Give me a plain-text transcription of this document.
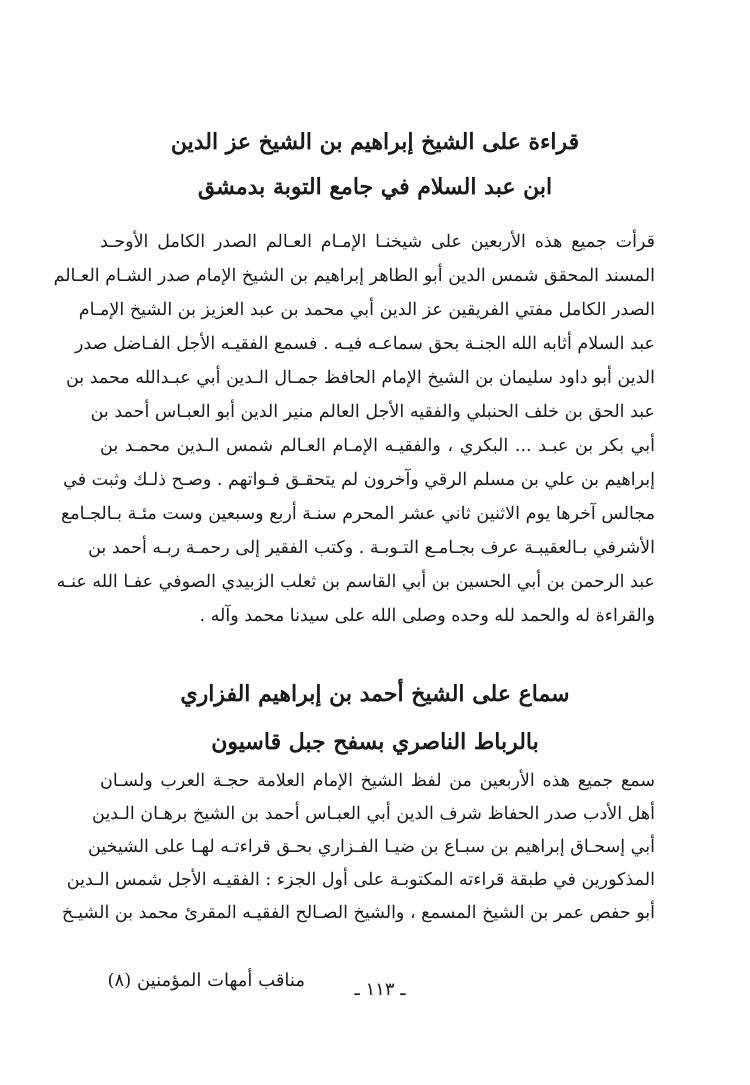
قراءة على الشيخ إبراهيم بن الشيخ عز الدين
ابن عبد السلام في جامع التوبة بدمشق
قرأت جميع هذه الأربعين على شيخنـا الإمـام العـالم الصدر الكامل الأوحـد
المسند المحقق شمس الدين أبو الطاهر إبراهيم بن الشيخ الإمام صدر الشـام العـالم
الصدر الكامل مفتي الفريقين عز الدين أبي محمد بن عبد العزيز بن الشيخ الإمـام
عبد السلام أثابه الله الجنـة بحق سماعـه فيـه . فسمع الفقيـه الأجل الفـاضل صدر
الدين أبو داود سليمان بن الشيخ الإمام الحافظ جمـال الـدين أبي عبـدالله محمد بن
عبد الحق بن خلف الحنبلي والفقيه الأجل العالم منير الدين أبو العبـاس أحمد بن
أبي بكر بن عبـد ... البكري ، والفقيـه الإمـام العـالم شمس الـدين محمـد بن
إبراهيم بن علي بن مسلم الرقي وآخرون لم يتحقـق فـواتهم . وصـح ذلـك وثبت في
مجالس آخرها يوم الاثنين ثاني عشر المحرم سنـة أربع وسبعين وست مئـة بـالجـامع
الأشرفي بـالعقيبـة عرف بجـامـع التـوبـة . وكتب الفقير إلى رحمـة ربـه أحمد بن
عبد الرحمن بن أبي الحسين بن أبي القاسم بن ثعلب الزبيدي الصوفي عفـا الله عنـه
والقراءة له والحمد لله وحده وصلى الله على سيدنا محمد وآله .
سماع على الشيخ أحمد بن إبراهيم الفزاري
بالرباط الناصري بسفح جبل قاسيون
سمع جميع هذه الأربعين من لفظ الشيخ الإمام العلامة حجـة العرب ولسـان
أهل الأدب صدر الحفاظ شرف الدين أبي العبـاس أحمد بن الشيخ برهـان الـدين
أبي إسحـاق إبراهيم بن سبـاع بن ضيـا الفـزاري بحـق قراءتـه لهـا على الشيخين
المذكورين في طبقة قراءته المكتوبـة على أول الجزء : الفقيـه الأجل شمس الـدين
أبو حفص عمر بن الشيخ المسمع ، والشيخ الصـالح الفقيـه المقرئ محمد بن الشيـخ
مناقب أمهات المؤمنين (٨)	ـ ١١٣ ـ
